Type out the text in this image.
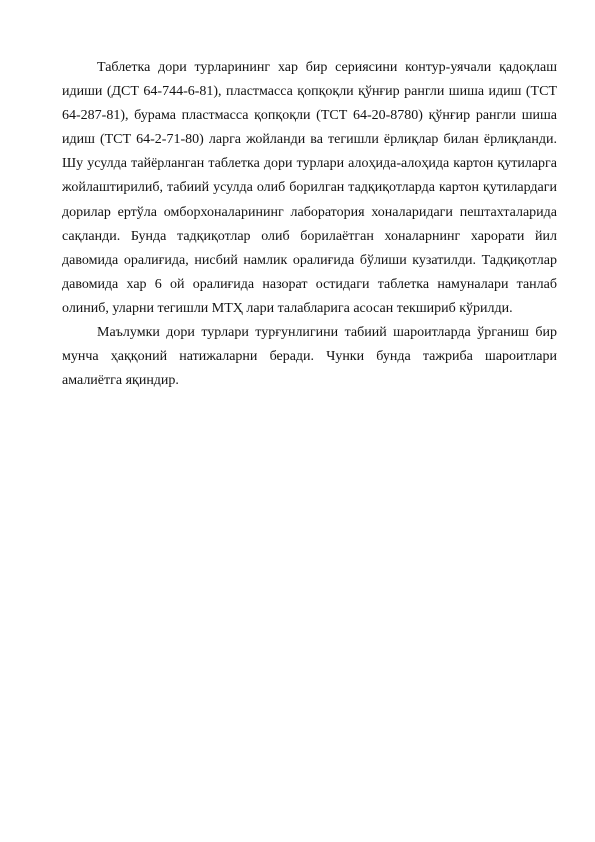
Таблетка дори турларининг хар бир сериясини контур-уячали қадоқлаш идиши (ДСТ 64-744-6-81), пластмасса қопқоқли қўнғир рангли шиша идиш (ТСТ 64-287-81), бурама пластмасса қопқоқли (ТСТ 64-20-8780) қўнғир рангли шиша идиш (ТСТ 64-2-71-80) ларга жойланди ва тегишли ёрлиқлар билан ёрлиқланди. Шу усулда тайёрланган таблетка дори турлари алоҳида-алоҳида картон қутиларга жойлаштирилиб, табиий усулда олиб борилган тадқиқотларда картон қутилардаги дорилар ертўла омборхоналарининг лаборатория хоналаридаги пештахталарида сақланди. Бунда тадқиқотлар олиб борилаётган хоналарнинг харорати йил давомида оралиғида, нисбий намлик оралиғида бўлиши кузатилди. Тадқиқотлар давомида хар 6 ой оралиғида назорат остидаги таблетка намуналари танлаб олиниб, уларни тегишли МТҲ лари талабларига асосан текшириб кўрилди.

Маълумки дори турлари турғунлигини табиий шароитларда ўрганиш бир мунча ҳаққоний натижаларни беради. Чунки бунда тажриба шароитлари амалиётга яқиндир.
